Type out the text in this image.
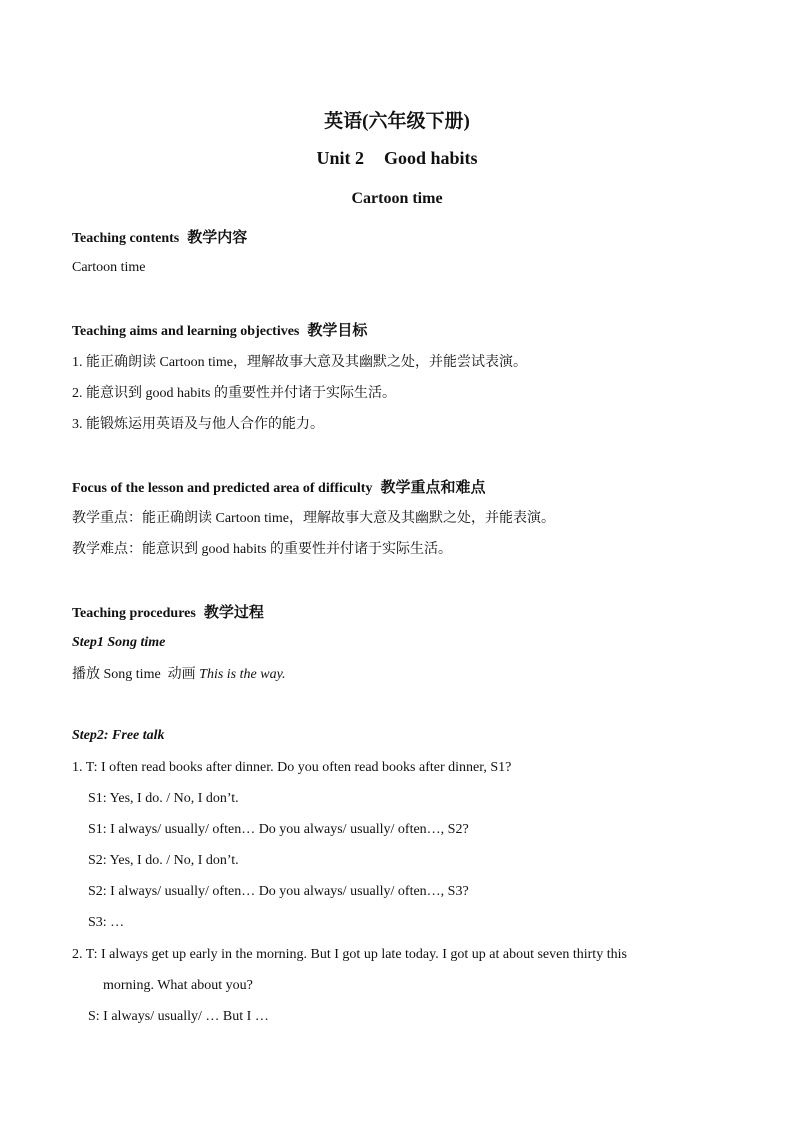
英语(六年级下册)
Unit 2 Good habits
Cartoon time
Teaching contents 教学内容
Cartoon time
Teaching aims and learning objectives 教学目标
1. 能正确朗读 Cartoon time，理解故事大意及其幽默之处，并能尝试表演。
2. 能意识到 good habits 的重要性并付诸于实际生活。
3. 能锻炼运用英语及与他人合作的能力。
Focus of the lesson and predicted area of difficulty 教学重点和难点
教学重点：能正确朗读 Cartoon time，理解故事大意及其幽默之处，并能表演。
教学难点：能意识到 good habits 的重要性并付诸于实际生活。
Teaching procedures 教学过程
Step1 Song time
播放 Song time 动画 This is the way.
Step2: Free talk
1. T: I often read books after dinner. Do you often read books after dinner, S1?
S1: Yes, I do. / No, I don’t.
S1: I always/ usually/ often… Do you always/ usually/ often…, S2?
S2: Yes, I do. / No, I don’t.
S2: I always/ usually/ often… Do you always/ usually/ often…, S3?
S3: …
2. T: I always get up early in the morning. But I got up late today. I got up at about seven thirty this
morning. What about you?
S: I always/ usually/ … But I …
